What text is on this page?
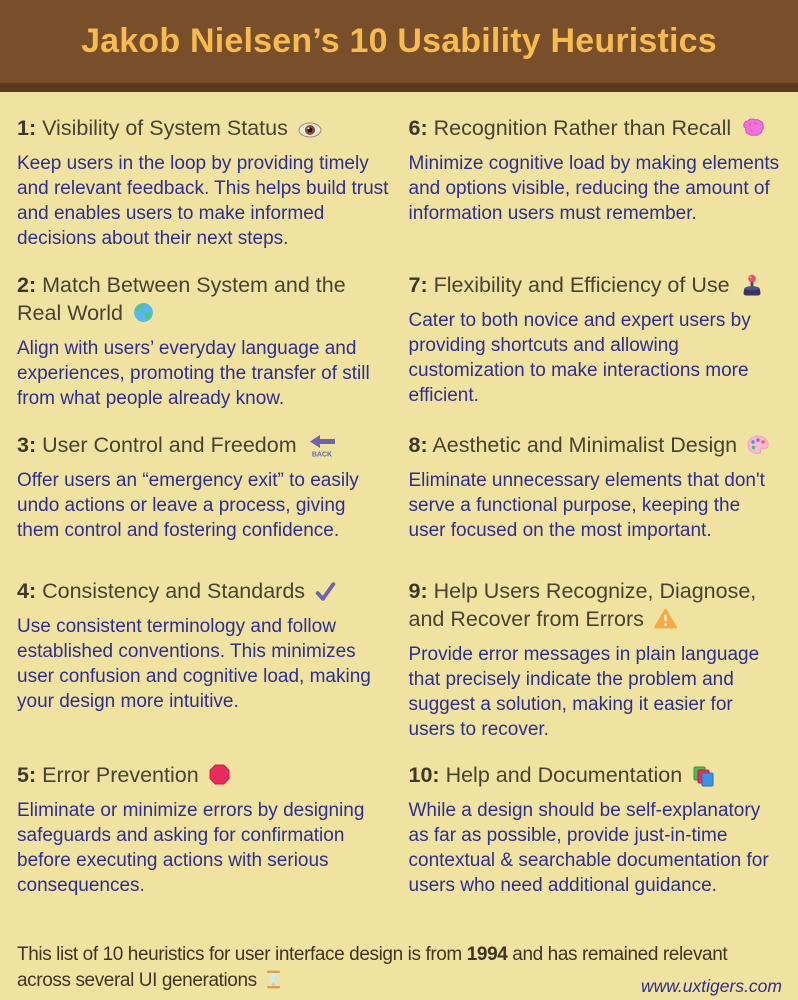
Jakob Nielsen’s 10 Usability Heuristics
1: Visibility of System Status

Keep users in the loop by providing timely and relevant feedback. This helps build trust and enables users to make informed decisions about their next steps.

2: Match Between System and the Real World

Align with users’ everyday language and experiences, promoting the transfer of still from what people already know.

3: User Control and Freedom BACK

Offer users an “emergency exit” to easily undo actions or leave a process, giving them control and fostering confidence.

4: Consistency and Standards

Use consistent terminology and follow established conventions. This minimizes user confusion and cognitive load, making your design more intuitive.

5: Error Prevention

Eliminate or minimize errors by designing safeguards and asking for confirmation before executing actions with serious consequences.

6: Recognition Rather than Recall

Minimize cognitive load by making elements and options visible, reducing the amount of information users must remember.

7: Flexibility and Efficiency of Use

Cater to both novice and expert users by providing shortcuts and allowing customization to make interactions more efficient.

8: Aesthetic and Minimalist Design

Eliminate unnecessary elements that don't serve a functional purpose, keeping the user focused on the most important.

9: Help Users Recognize, Diagnose, and Recover from Errors

Provide error messages in plain language that precisely indicate the problem and suggest a solution, making it easier for users to recover.

10: Help and Documentation

While a design should be self-explanatory as far as possible, provide just-in-time contextual & searchable documentation for users who need additional guidance.

This list of 10 heuristics for user interface design is from 1994 and has remained relevant across several UI generations	www.uxtigers.com
